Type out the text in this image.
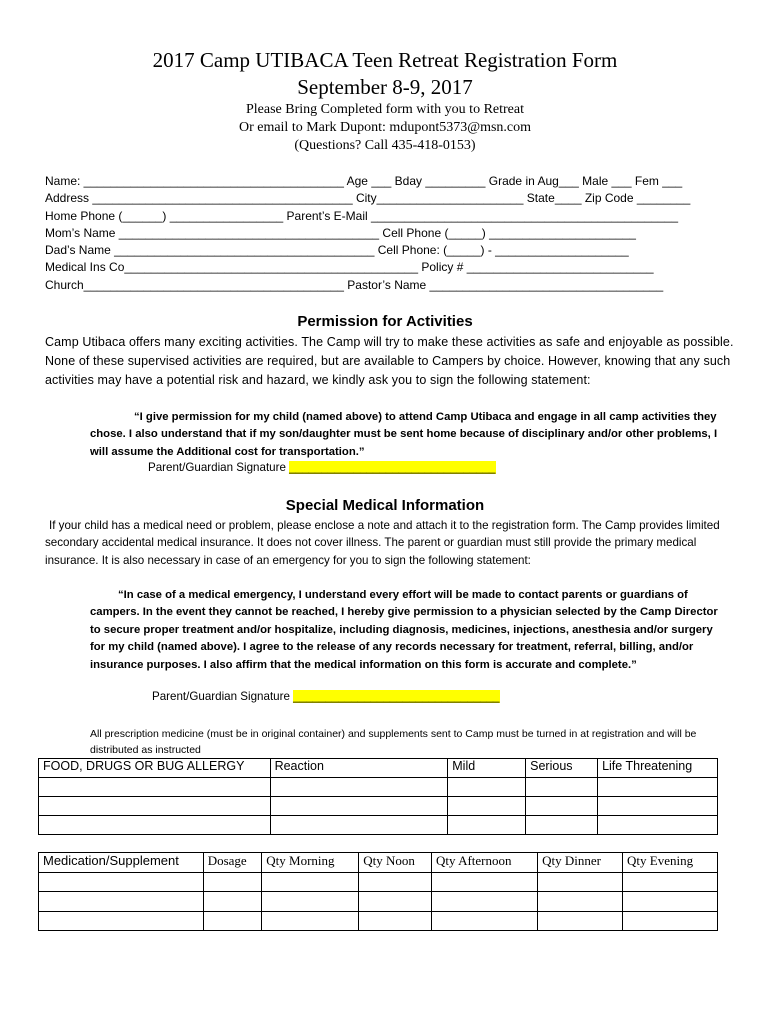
2017 Camp UTIBACA Teen Retreat Registration Form
September 8-9, 2017
Please Bring Completed form with you to Retreat
Or email to Mark Dupont: mdupont5373@msn.com
(Questions? Call 435-418-0153)
Name: _______________________________________ Age ___ Bday _________ Grade in Aug___ Male ___ Fem ___
Address _______________________________________ City______________________ State____ Zip Code ________
Home Phone (______) _________________ Parent’s E-Mail ______________________________________________
Mom’s Name _______________________________________ Cell Phone (_____) ______________________
Dad’s Name _______________________________________ Cell Phone: (_____) - ____________________
Medical Ins Co____________________________________________ Policy # ____________________________
Church_______________________________________ Pastor’s Name ___________________________________
Permission for Activities
Camp Utibaca offers many exciting activities. The Camp will try to make these activities as safe and enjoyable as possible. None of these supervised activities are required, but are available to Campers by choice. However, knowing that any such activities may have a potential risk and hazard, we kindly ask you to sign the following statement:
“I give permission for my child (named above) to attend Camp Utibaca and engage in all camp activities they chose. I also understand that if my son/daughter must be sent home because of disciplinary and/or other problems, I will assume the Additional cost for transportation.”
Parent/Guardian Signature ________________________________
Special Medical Information
If your child has a medical need or problem, please enclose a note and attach it to the registration form. The Camp provides limited secondary accidental medical insurance. It does not cover illness. The parent or guardian must still provide the primary medical insurance. It is also necessary in case of an emergency for you to sign the following statement:
“In case of a medical emergency, I understand every effort will be made to contact parents or guardians of campers. In the event they cannot be reached, I hereby give permission to a physician selected by the Camp Director to secure proper treatment and/or hospitalize, including diagnosis, medicines, injections, anesthesia and/or surgery for my child (named above). I agree to the release of any records necessary for treatment, referral, billing, and/or insurance purposes. I also affirm that the medical information on this form is accurate and complete.”
Parent/Guardian Signature ________________________________
All prescription medicine (must be in original container) and supplements sent to Camp must be turned in at registration and will be distributed as instructed
FOOD, DRUGS OR BUG ALLERGY	Reaction	Mild	Serious	Life Threatening

Medication/Supplement	Dosage	Qty Morning	Qty Noon	Qty Afternoon	Qty Dinner	Qty Evening
